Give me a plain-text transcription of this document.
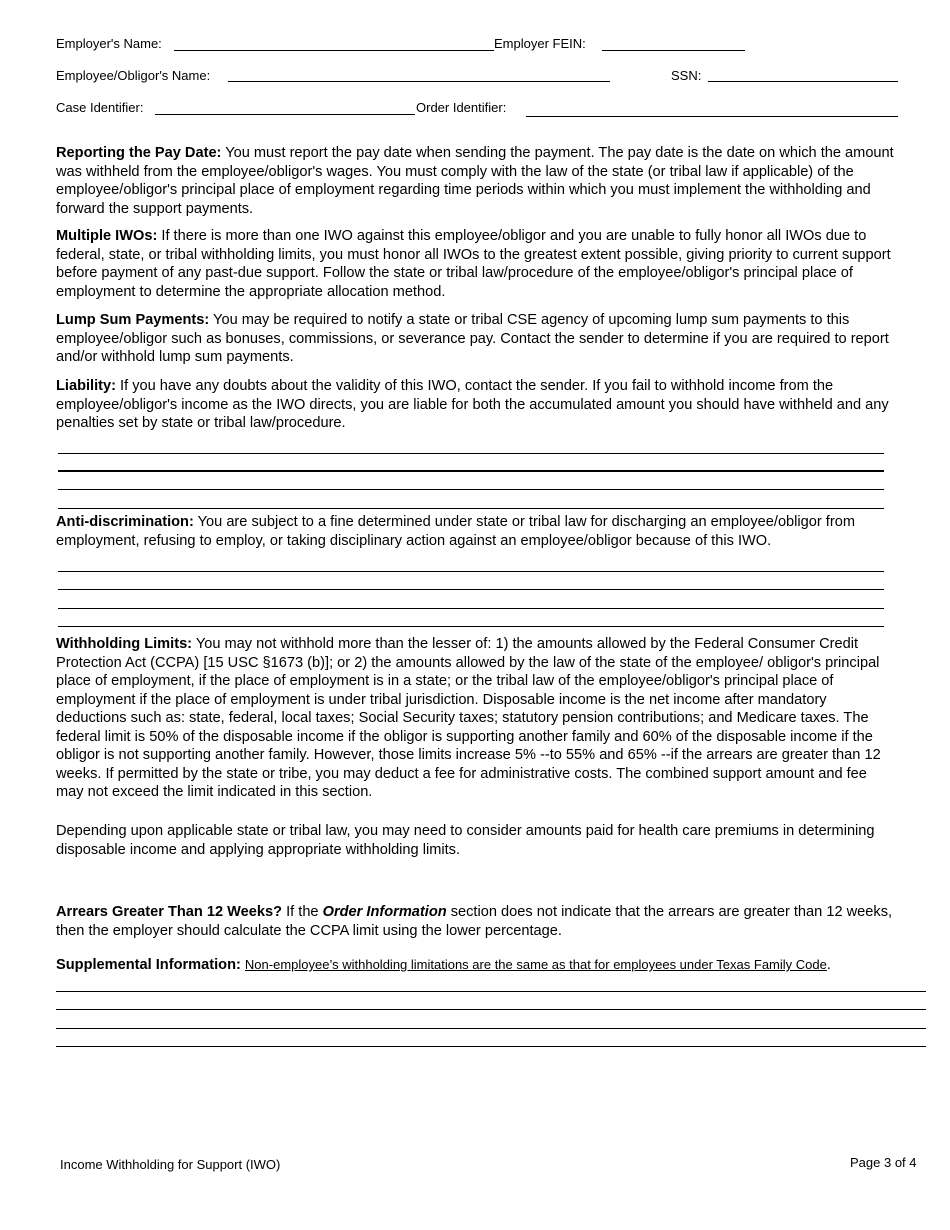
Employer's Name:	Employer FEIN:
Employee/Obligor's Name:	SSN:
Case Identifier:	Order Identifier:

Reporting the Pay Date: You must report the pay date when sending the payment. The pay date is the date on which the amount was withheld from the employee/obligor's wages. You must comply with the law of the state (or tribal law if applicable) of the employee/obligor's principal place of employment regarding time periods within which you must implement the withholding and forward the support payments.

Multiple IWOs: If there is more than one IWO against this employee/obligor and you are unable to fully honor all IWOs due to federal, state, or tribal withholding limits, you must honor all IWOs to the greatest extent possible, giving priority to current support before payment of any past-due support. Follow the state or tribal law/procedure of the employee/obligor's principal place of employment to determine the appropriate allocation method.

Lump Sum Payments: You may be required to notify a state or tribal CSE agency of upcoming lump sum payments to this employee/obligor such as bonuses, commissions, or severance pay. Contact the sender to determine if you are required to report and/or withhold lump sum payments.

Liability: If you have any doubts about the validity of this IWO, contact the sender. If you fail to withhold income from the employee/obligor's income as the IWO directs, you are liable for both the accumulated amount you should have withheld and any penalties set by state or tribal law/procedure.

Anti-discrimination: You are subject to a fine determined under state or tribal law for discharging an employee/obligor from employment, refusing to employ, or taking disciplinary action against an employee/obligor because of this IWO.

Withholding Limits: You may not withhold more than the lesser of: 1) the amounts allowed by the Federal Consumer Credit Protection Act (CCPA) [15 USC §1673 (b)]; or 2) the amounts allowed by the law of the state of the employee/ obligor's principal place of employment, if the place of employment is in a state; or the tribal law of the employee/obligor's principal place of employment if the place of employment is under tribal jurisdiction. Disposable income is the net income after mandatory deductions such as: state, federal, local taxes; Social Security taxes; statutory pension contributions; and Medicare taxes. The federal limit is 50% of the disposable income if the obligor is supporting another family and 60% of the disposable income if the obligor is not supporting another family. However, those limits increase 5% --to 55% and 65% --if the arrears are greater than 12 weeks. If permitted by the state or tribe, you may deduct a fee for administrative costs. The combined support amount and fee may not exceed the limit indicated in this section.

Depending upon applicable state or tribal law, you may need to consider amounts paid for health care premiums in determining disposable income and applying appropriate withholding limits.

Arrears Greater Than 12 Weeks? If the Order Information section does not indicate that the arrears are greater than 12 weeks, then the employer should calculate the CCPA limit using the lower percentage.

Supplemental Information: Non-employee’s withholding limitations are the same as that for employees under Texas Family Code.

Income Withholding for Support (IWO)	Page 3 of 4
